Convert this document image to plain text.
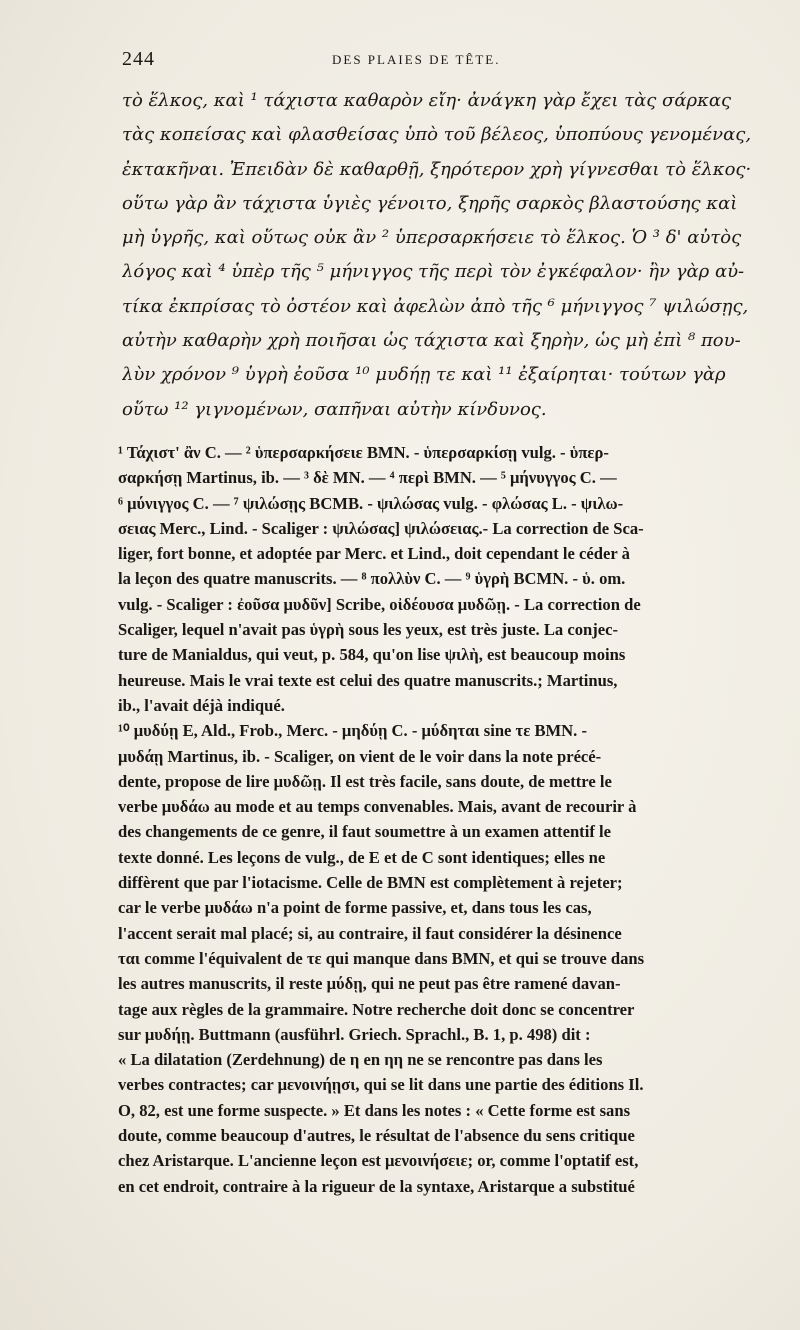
244	DES PLAIES DE TÊTE.
τὸ ἕλκος, καὶ ¹ τάχιστα καθαρὸν εἴη· ἀνάγκη γὰρ ἔχει τὰς σάρκας
τὰς κοπείσας καὶ φλασθείσας ὑπὸ τοῦ βέλεος, ὑποπύους γενομένας,
ἐκτακῆναι. Ἐπειδὰν δὲ καθαρθῇ, ξηρότερον χρὴ γίγνεσθαι τὸ ἕλκος·
οὕτω γὰρ ἂν τάχιστα ὑγιὲς γένοιτο, ξηρῆς σαρκὸς βλαστούσης καὶ
μὴ ὑγρῆς, καὶ οὕτως οὐκ ἂν ² ὑπερσαρκήσειε τὸ ἕλκος. Ὁ ³ δ' αὐτὸς
λόγος καὶ ⁴ ὑπὲρ τῆς ⁵ μήνιγγος τῆς περὶ τὸν ἐγκέφαλον· ἢν γὰρ αὐ-
τίκα ἐκπρίσας τὸ ὀστέον καὶ ἀφελὼν ἀπὸ τῆς ⁶ μήνιγγος ⁷ ψιλώσῃς,
αὐτὴν καθαρὴν χρὴ ποιῆσαι ὡς τάχιστα καὶ ξηρὴν, ὡς μὴ ἐπὶ ⁸ που-
λὺν χρόνον ⁹ ὑγρὴ ἐοῦσα ¹⁰ μυδήῃ τε καὶ ¹¹ ἐξαίρηται· τούτων γὰρ
οὕτω ¹² γιγνομένων, σαπῆναι αὐτὴν κίνδυνος.
¹ Τάχιστ' ἂν C. — ² ὑπερσαρκήσειε BMN. - ὑπερσαρκίσῃ vulg. - ὑπερ-
σαρκήσῃ Martinus, ib. — ³ δὲ MN. — ⁴ περὶ BMN. — ⁵ μήνυγγος C. —
⁶ μύνιγγος C. — ⁷ ψιλώσῃς BCMB. - ψιλώσας vulg. - φλώσας L. - ψιλω-
σειας Merc., Lind. - Scaliger : ψιλώσας] ψιλώσειας.- La correction de Sca-
liger, fort bonne, et adoptée par Merc. et Lind., doit cependant le céder à
la leçon des quatre manuscrits. — ⁸ πολλὺν C. — ⁹ ὑγρὴ BCMN. - ὑ. om.
vulg. - Scaliger : ἐοῦσα μυδῦν] Scribe, οἰδέουσα μυδῶῃ. - La correction de
Scaliger, lequel n'avait pas ὑγρὴ sous les yeux, est très juste. La conjec-
ture de Manialdus, qui veut, p. 584, qu'on lise ψιλὴ, est beaucoup moins
heureuse. Mais le vrai texte est celui des quatre manuscrits.; Martinus,
ib., l'avait déjà indiqué.
¹⁰ μυδύῃ E, Ald., Frob., Merc. - μηδύῃ C. - μύδηται sine τε BMN. -
μυδάῃ Martinus, ib. - Scaliger, on vient de le voir dans la note précé-
dente, propose de lire μυδῶῃ. Il est très facile, sans doute, de mettre le
verbe μυδάω au mode et au temps convenables. Mais, avant de recourir à
des changements de ce genre, il faut soumettre à un examen attentif le
texte donné. Les leçons de vulg., de E et de C sont identiques; elles ne
diffèrent que par l'iotacisme. Celle de BMN est complètement à rejeter;
car le verbe μυδάω n'a point de forme passive, et, dans tous les cas,
l'accent serait mal placé; si, au contraire, il faut considérer la désinence
ται comme l'équivalent de τε qui manque dans BMN, et qui se trouve dans
les autres manuscrits, il reste μύδῃ, qui ne peut pas être ramené davan-
tage aux règles de la grammaire. Notre recherche doit donc se concentrer
sur μυδήῃ. Buttmann (ausführl. Griech. Sprachl., B. 1, p. 498) dit :
« La dilatation (Zerdehnung) de η en ηη ne se rencontre pas dans les
verbes contractes; car μενοινήῃσι, qui se lit dans une partie des éditions Il.
O, 82, est une forme suspecte. » Et dans les notes : « Cette forme est sans
doute, comme beaucoup d'autres, le résultat de l'absence du sens critique
chez Aristarque. L'ancienne leçon est μενοινήσειε; or, comme l'optatif est,
en cet endroit, contraire à la rigueur de la syntaxe, Aristarque a substitué
